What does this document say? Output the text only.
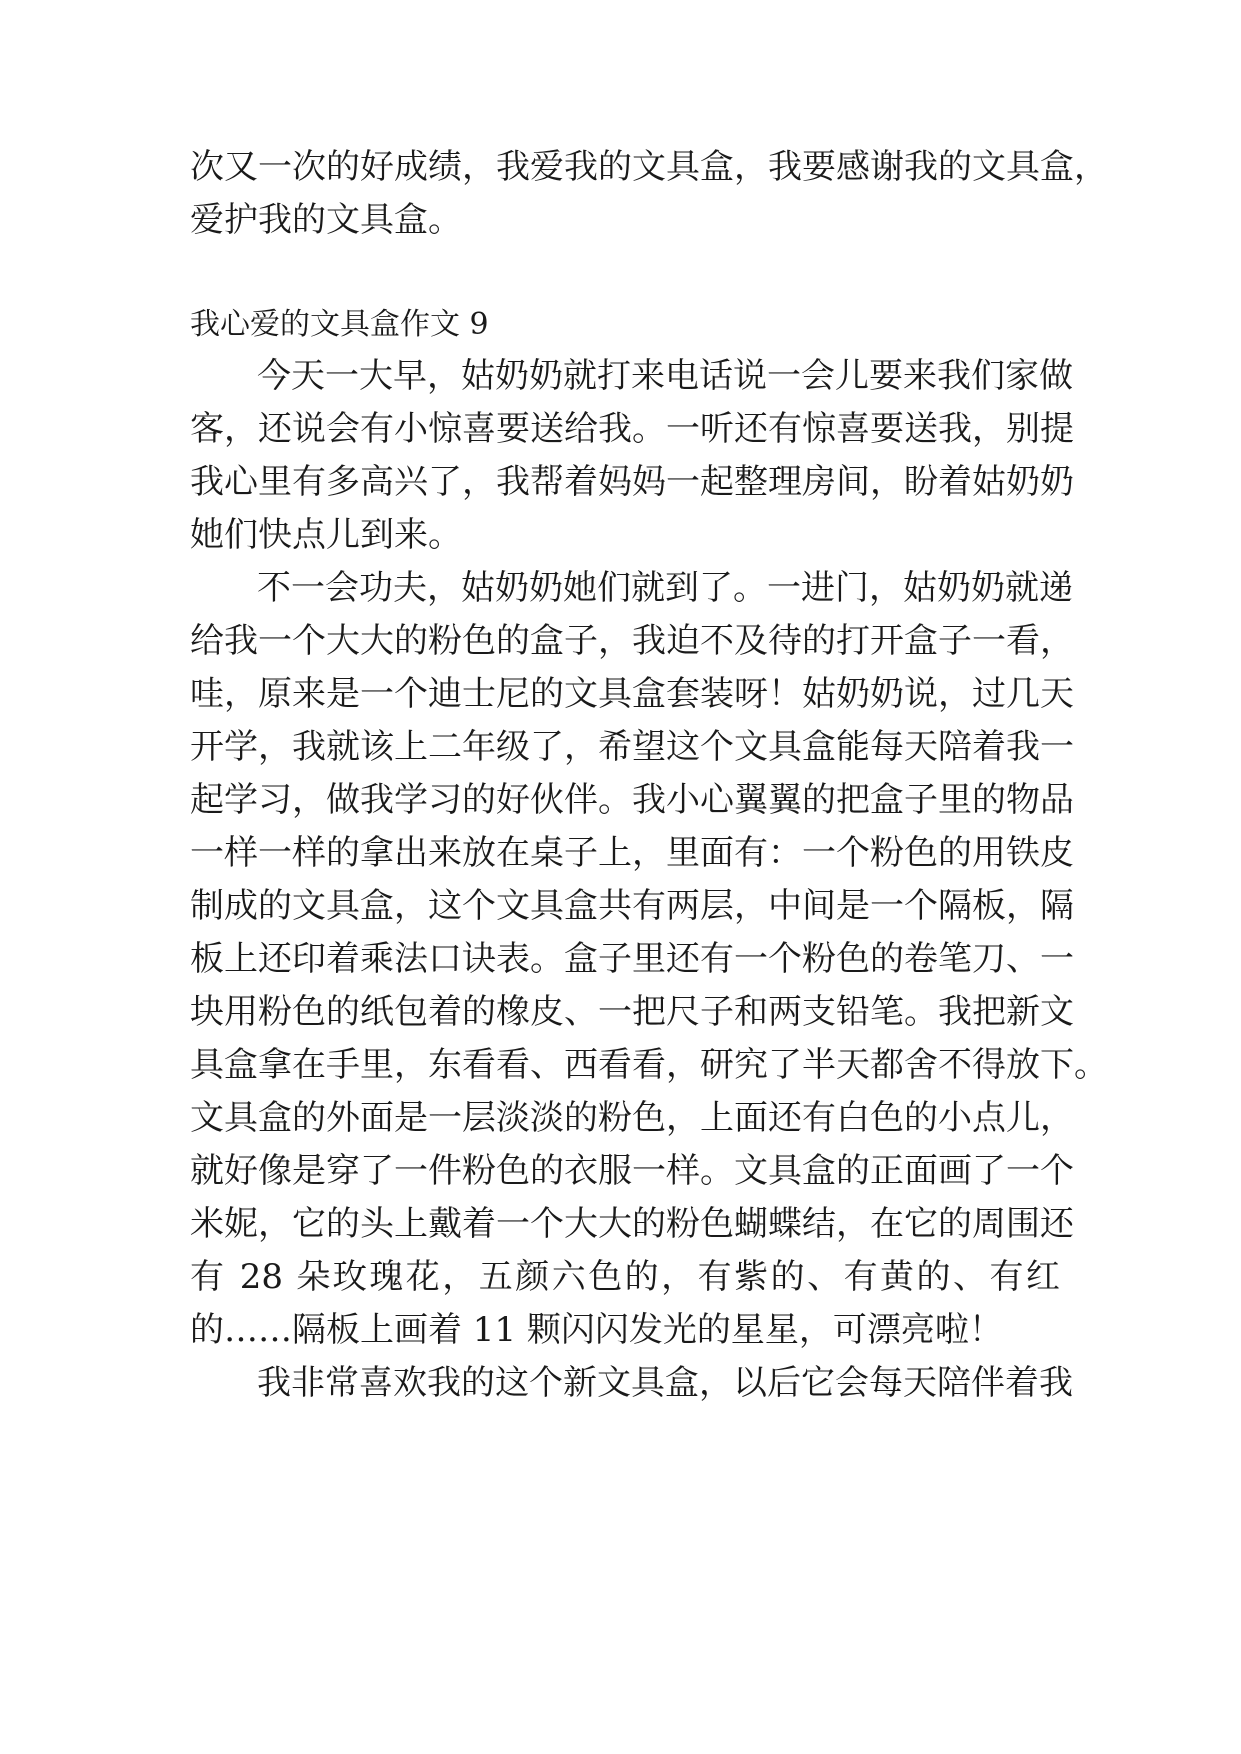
次又一次的好成绩，我爱我的文具盒，我要感谢我的文具盒，
爱护我的文具盒。
我心爱的文具盒作文 9
今天一大早，姑奶奶就打来电话说一会儿要来我们家做
客，还说会有小惊喜要送给我。一听还有惊喜要送我，别提
我心里有多高兴了，我帮着妈妈一起整理房间，盼着姑奶奶
她们快点儿到来。
不一会功夫，姑奶奶她们就到了。一进门，姑奶奶就递
给我一个大大的粉色的盒子，我迫不及待的打开盒子一看，
哇，原来是一个迪士尼的文具盒套装呀！姑奶奶说，过几天
开学，我就该上二年级了，希望这个文具盒能每天陪着我一
起学习，做我学习的好伙伴。我小心翼翼的把盒子里的物品
一样一样的拿出来放在桌子上，里面有：一个粉色的用铁皮
制成的文具盒，这个文具盒共有两层，中间是一个隔板，隔
板上还印着乘法口诀表。盒子里还有一个粉色的卷笔刀、一
块用粉色的纸包着的橡皮、一把尺子和两支铅笔。我把新文
具盒拿在手里，东看看、西看看，研究了半天都舍不得放下。
文具盒的外面是一层淡淡的粉色，上面还有白色的小点儿，
就好像是穿了一件粉色的衣服一样。文具盒的正面画了一个
米妮，它的头上戴着一个大大的粉色蝴蝶结，在它的周围还
有 28 朵玫瑰花，五颜六色的，有紫的、有黄的、有红
的……隔板上画着 11 颗闪闪发光的星星，可漂亮啦！
我非常喜欢我的这个新文具盒，以后它会每天陪伴着我
